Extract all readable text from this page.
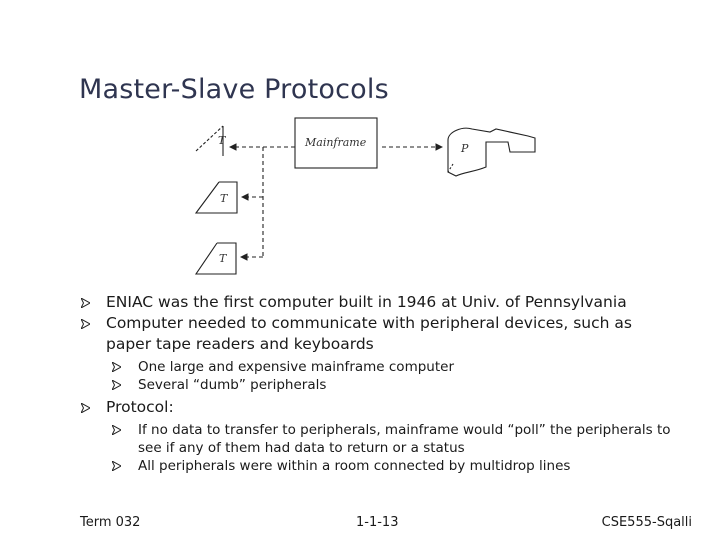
Master-Slave Protocols
T
T
T
Mainframe	P
ENIAC was the first computer built in 1946 at Univ. of Pennsylvania
Computer needed to communicate with peripheral devices, such as paper tape readers and keyboards
One large and expensive mainframe computer
Several “dumb” peripherals
Protocol:
If no data to transfer to peripherals, mainframe would “poll” the peripherals to see if any of them had data to return or a status
All peripherals were within a room connected by multidrop lines
Term 032	1-1-13	CSE555-Sqalli
